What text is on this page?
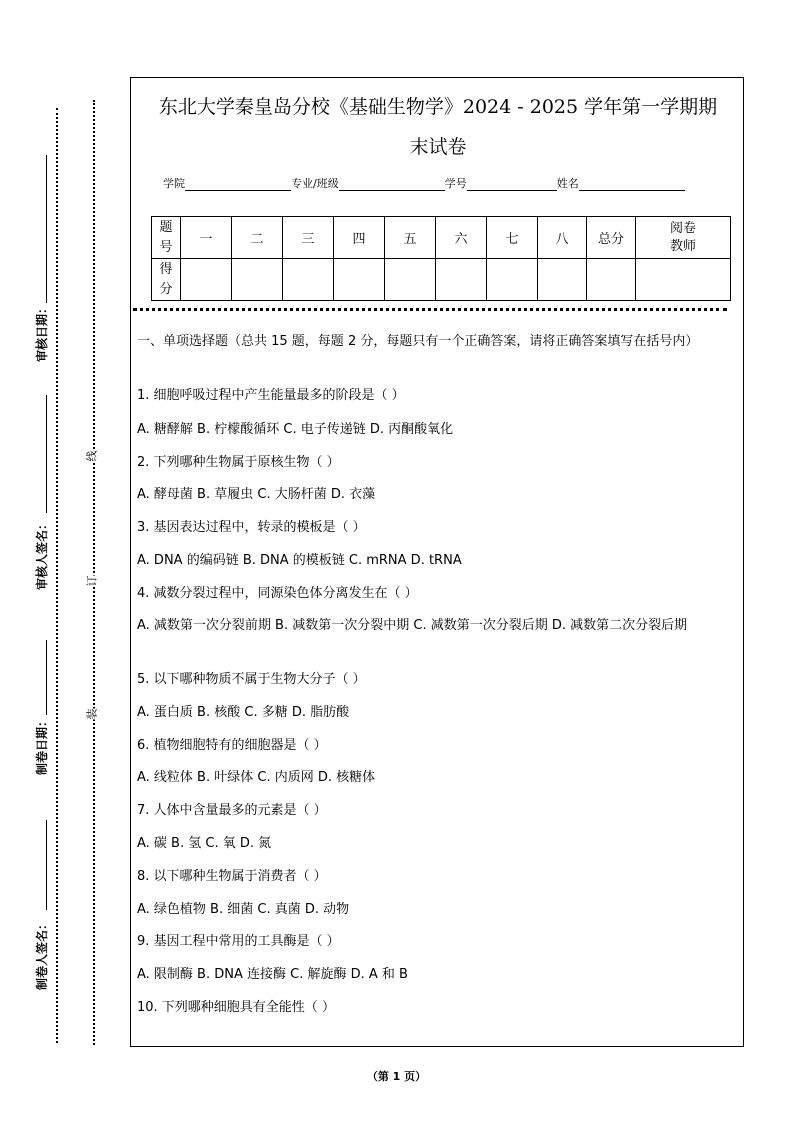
审核日期：
审核人签名：
制卷日期：
制卷人签名：
线
订
装
东北大学秦皇岛分校《基础生物学》2024 - 2025 学年第一学期期
末试卷
学院	专业/班级	学号	姓名
题
号	一	二	三	四	五	六	七	八	总分	阅卷
教师
得
分										
一、单项选择题（总共 15 题，每题 2 分，每题只有一个正确答案，请将正确答案填写在括号内）
1. 细胞呼吸过程中产生能量最多的阶段是（ ）
A. 糖酵解 B. 柠檬酸循环 C. 电子传递链 D. 丙酮酸氧化
2. 下列哪种生物属于原核生物（ ）
A. 酵母菌 B. 草履虫 C. 大肠杆菌 D. 衣藻
3. 基因表达过程中，转录的模板是（ ）
A. DNA 的编码链 B. DNA 的模板链 C. mRNA D. tRNA
4. 减数分裂过程中，同源染色体分离发生在（ ）
A. 减数第一次分裂前期 B. 减数第一次分裂中期 C. 减数第一次分裂后期 D. 减数第二次分裂后期
5. 以下哪种物质不属于生物大分子（ ）
A. 蛋白质 B. 核酸 C. 多糖 D. 脂肪酸
6. 植物细胞特有的细胞器是（ ）
A. 线粒体 B. 叶绿体 C. 内质网 D. 核糖体
7. 人体中含量最多的元素是（ ）
A. 碳 B. 氢 C. 氧 D. 氮
8. 以下哪种生物属于消费者（ ）
A. 绿色植物 B. 细菌 C. 真菌 D. 动物
9. 基因工程中常用的工具酶是（ ）
A. 限制酶 B. DNA 连接酶 C. 解旋酶 D. A 和 B
10. 下列哪种细胞具有全能性（ ）
（第 1 页）
